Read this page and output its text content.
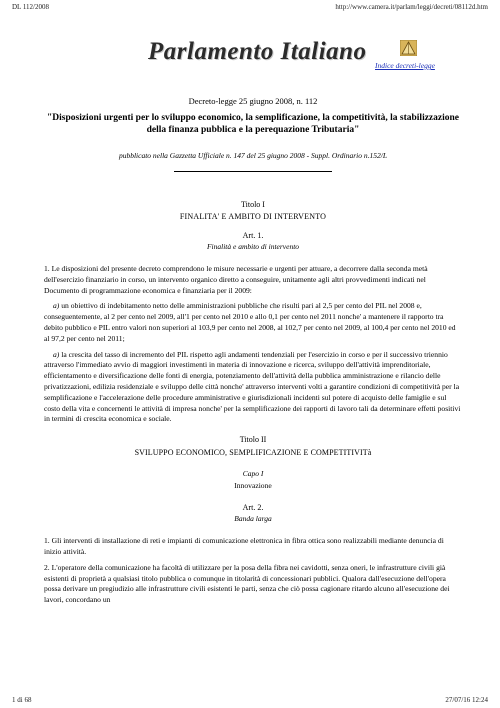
DL 112/2008	http://www.camera.it/parlam/leggi/decreti/08112d.htm
Parlamento Italiano
Indice decreti-legge
Decreto-legge 25 giugno 2008, n. 112
"Disposizioni urgenti per lo sviluppo economico, la semplificazione, la competitività, la stabilizzazione della finanza pubblica e la perequazione Tributaria"
pubblicato nella Gazzetta Ufficiale n. 147 del 25 giugno 2008 - Suppl. Ordinario n.152/L
Titolo I
FINALITA' E AMBITO DI INTERVENTO
Art. 1.
Finalità e ambito di intervento

1. Le disposizioni del presente decreto comprendono le misure necessarie e urgenti per attuare, a decorrere dalla seconda metà dell'esercizio finanziario in corso, un intervento organico diretto a conseguire, unitamente agli altri provvedimenti indicati nel Documento di programmazione economica e finanziaria per il 2009:

a) un obiettivo di indebitamento netto delle amministrazioni pubbliche che risulti pari al 2,5 per cento del PIL nel 2008 e, conseguentemente, al 2 per cento nel 2009, all'1 per cento nel 2010 e allo 0,1 per cento nel 2011 nonche' a mantenere il rapporto tra debito pubblico e PIL entro valori non superiori al 103,9 per cento nel 2008, al 102,7 per cento nel 2009, al 100,4 per cento nel 2010 ed al 97,2 per cento nel 2011;

a) la crescita del tasso di incremento del PIL rispetto agli andamenti tendenziali per l'esercizio in corso e per il successivo triennio attraverso l'immediato avvio di maggiori investimenti in materia di innovazione e ricerca, sviluppo dell'attività imprenditoriale, efficientamento e diversificazione delle fonti di energia, potenziamento dell'attività della pubblica amministrazione e rilancio delle privatizzazioni, edilizia residenziale e sviluppo delle città nonche' attraverso interventi volti a garantire condizioni di competitività per la semplificazione e l'accelerazione delle procedure amministrative e giurisdizionali incidenti sul potere di acquisto delle famiglie e sul costo della vita e concernenti le attività di impresa nonche' per la semplificazione dei rapporti di lavoro tali da determinare effetti positivi in termini di crescita economica e sociale.

Titolo II
SVILUPPO ECONOMICO, SEMPLIFICAZIONE E COMPETITIVITà
Capo I
Innovazione
Art. 2.
Banda larga

1. Gli interventi di installazione di reti e impianti di comunicazione elettronica in fibra ottica sono realizzabili mediante denuncia di inizio attività.

2. L'operatore della comunicazione ha facoltà di utilizzare per la posa della fibra nei cavidotti, senza oneri, le infrastrutture civili già esistenti di proprietà a qualsiasi titolo pubblica o comunque in titolarità di concessionari pubblici. Qualora dall'esecuzione dell'opera possa derivare un pregiudizio alle infrastrutture civili esistenti le parti, senza che ciò possa cagionare ritardo alcuno all'esecuzione dei lavori, concordano un

1 di 68	27/07/16 12:24
